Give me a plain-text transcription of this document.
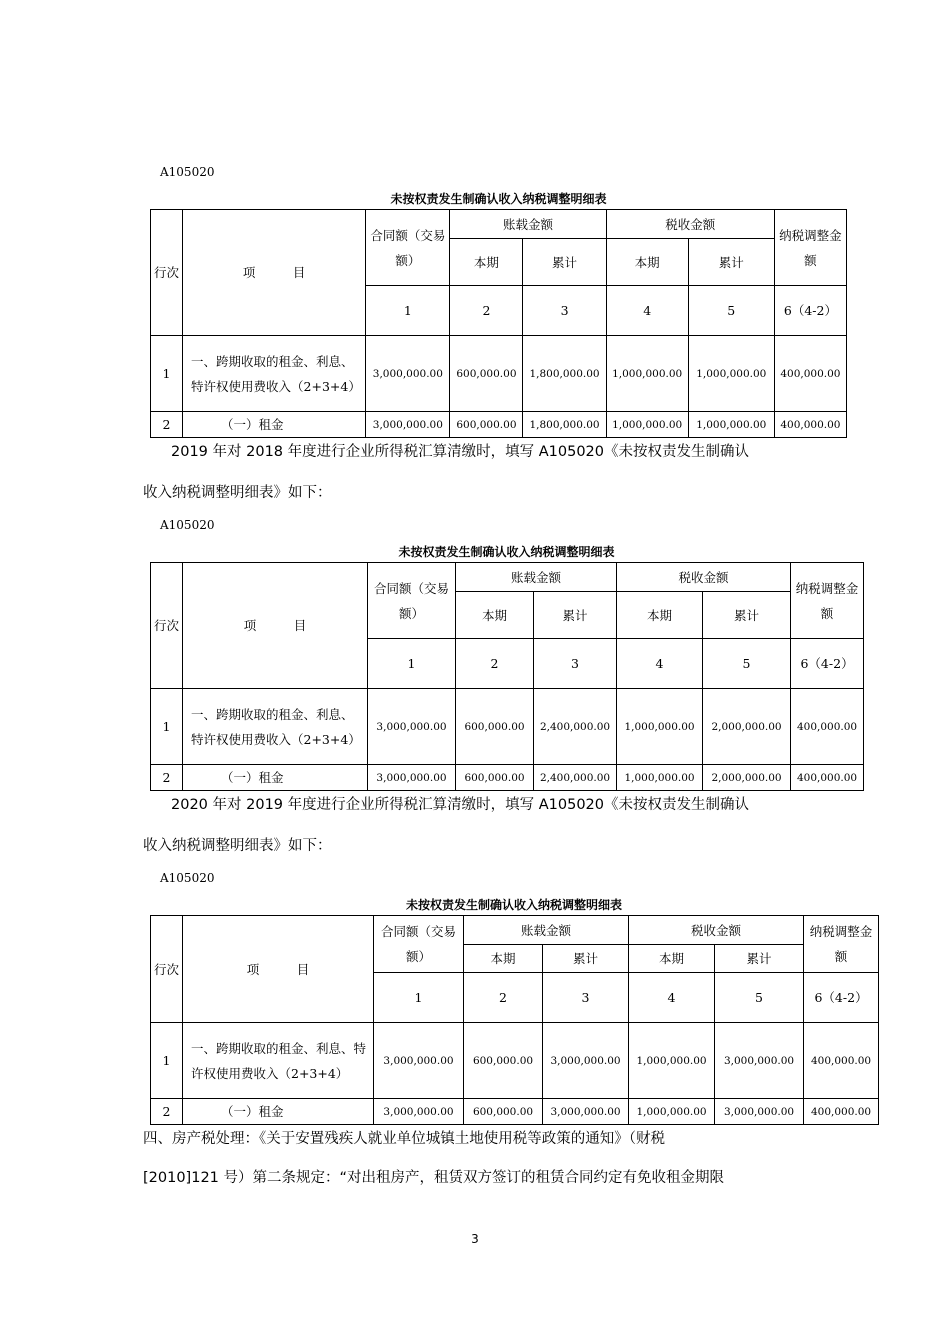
A105020
未按权责发生制确认收入纳税调整明细表
行次	项　　　目	合同额（交易额）	账载金额		税收金额		纳税调整金额
			本期	累计	本期	累计	
		1	2	3	4	5	6（4-2）
1	一、跨期收取的租金、利息、特许权使用费收入（2+3+4）	3,000,000.00	600,000.00	1,800,000.00	1,000,000.00	1,000,000.00	400,000.00
2	（一）租金	3,000,000.00	600,000.00	1,800,000.00	1,000,000.00	1,000,000.00	400,000.00
2019 年对 2018 年度进行企业所得税汇算清缴时，填写 A105020《未按权责发生制确认
收入纳税调整明细表》如下：
A105020
未按权责发生制确认收入纳税调整明细表
行次	项　　　目	合同额（交易额）	账载金额		税收金额		纳税调整金额
			本期	累计	本期	累计	
		1	2	3	4	5	6（4-2）
1	一、跨期收取的租金、利息、特许权使用费收入（2+3+4）	3,000,000.00	600,000.00	2,400,000.00	1,000,000.00	2,000,000.00	400,000.00
2	（一）租金	3,000,000.00	600,000.00	2,400,000.00	1,000,000.00	2,000,000.00	400,000.00
2020 年对 2019 年度进行企业所得税汇算清缴时，填写 A105020《未按权责发生制确认
收入纳税调整明细表》如下：
A105020
未按权责发生制确认收入纳税调整明细表
行次	项　　　目	合同额（交易额）	账载金额		税收金额		纳税调整金额
			本期	累计	本期	累计	
		1	2	3	4	5	6（4-2）
1	一、跨期收取的租金、利息、特许权使用费收入（2+3+4）	3,000,000.00	600,000.00	3,000,000.00	1,000,000.00	3,000,000.00	400,000.00
2	（一）租金	3,000,000.00	600,000.00	3,000,000.00	1,000,000.00	3,000,000.00	400,000.00
四、房产税处理：《关于安置残疾人就业单位城镇土地使用税等政策的通知》（财税
[2010]121 号）第二条规定：“对出租房产，租赁双方签订的租赁合同约定有免收租金期限
3
